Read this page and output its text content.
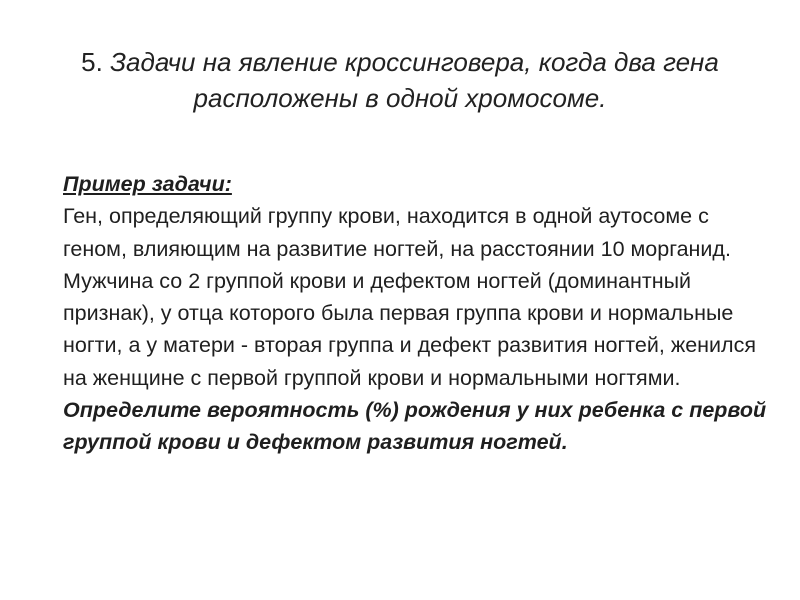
5. Задачи на явление кроссинговера, когда два гена расположены в одной хромосоме.
Пример задачи:
Ген, определяющий группу крови, находится в одной аутосоме с геном, влияющим на развитие ногтей, на расстоянии 10 морганид. Мужчина со 2 группой крови и дефектом ногтей (доминантный признак), у отца которого была первая группа крови и нормальные ногти, а у матери - вторая группа и дефект развития ногтей, женился на женщине с первой группой крови и нормальными ногтями.
Определите вероятность (%) рождения у них ребенка с первой группой крови и дефектом развития ногтей.
